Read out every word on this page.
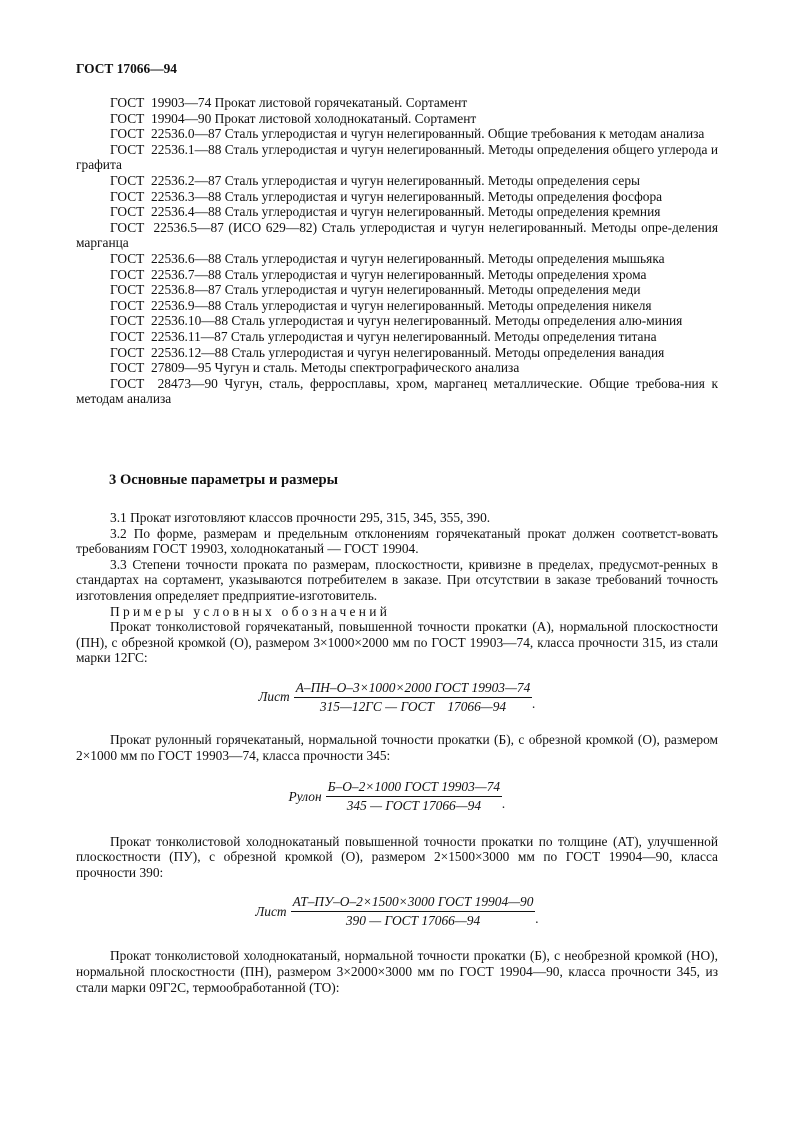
ГОСТ 17066—94
ГОСТ  19903—74 Прокат листовой горячекатаный. Сортамент
ГОСТ  19904—90 Прокат листовой холоднокатаный. Сортамент
ГОСТ  22536.0—87 Сталь углеродистая и чугун нелегированный. Общие требования к методам анализа
ГОСТ  22536.1—88 Сталь углеродистая и чугун нелегированный. Методы определения общего углерода и графита
ГОСТ  22536.2—87 Сталь углеродистая и чугун нелегированный. Методы определения серы
ГОСТ  22536.3—88 Сталь углеродистая и чугун нелегированный. Методы определения фосфора
ГОСТ  22536.4—88 Сталь углеродистая и чугун нелегированный. Методы определения кремния
ГОСТ  22536.5—87 (ИСО 629—82) Сталь углеродистая и чугун нелегированный. Методы опре-деления марганца
ГОСТ  22536.6—88 Сталь углеродистая и чугун нелегированный. Методы определения мышьяка
ГОСТ  22536.7—88 Сталь углеродистая и чугун нелегированный. Методы определения хрома
ГОСТ  22536.8—87 Сталь углеродистая и чугун нелегированный. Методы определения меди
ГОСТ  22536.9—88 Сталь углеродистая и чугун нелегированный. Методы определения никеля
ГОСТ  22536.10—88 Сталь углеродистая и чугун нелегированный. Методы определения алю-миния
ГОСТ  22536.11—87 Сталь углеродистая и чугун нелегированный. Методы определения титана
ГОСТ  22536.12—88 Сталь углеродистая и чугун нелегированный. Методы определения ванадия
ГОСТ  27809—95 Чугун и сталь. Методы спектрографического анализа
ГОСТ  28473—90 Чугун, сталь, ферросплавы, хром, марганец металлические. Общие требова-ния к методам анализа
3 Основные параметры и размеры
3.1 Прокат изготовляют классов прочности 295, 315, 345, 355, 390.
3.2 По форме, размерам и предельным отклонениям горячекатаный прокат должен соответст-вовать требованиям ГОСТ 19903, холоднокатаный — ГОСТ 19904.
3.3 Степени точности проката по размерам, плоскостности, кривизне в пределах, предусмот-ренных в стандартах на сортамент, указываются потребителем в заказе. При отсутствии в заказе требований точность изготовления определяет предприятие-изготовитель.
Примеры условных обозначений
Прокат тонколистовой горячекатаный, повышенной точности прокатки (А), нормальной плоскостности (ПН), с обрезной кромкой (О), размером 3×1000×2000 мм по ГОСТ 19903—74, класса прочности 315, из стали марки 12ГС:
Лист $\frac{\text{А–ПН–О–3×1000×2000 ГОСТ 19903—74}}{\text{315—12ГС — ГОСТ    17066—94}}$ .
Прокат рулонный горячекатаный, нормальной точности прокатки (Б), с обрезной кромкой (О), размером 2×1000 мм по ГОСТ 19903—74, класса прочности 345:
Рулон $\frac{\text{Б–О–2×1000 ГОСТ 19903—74}}{\text{345 — ГОСТ 17066—94}}$ .
Прокат тонколистовой холоднокатаный повышенной точности прокатки по толщине (АТ), улучшенной плоскостности (ПУ), с обрезной кромкой (О), размером 2×1500×3000 мм по ГОСТ 19904—90, класса прочности 390:
Лист $\frac{\text{АТ–ПУ–О–2×1500×3000 ГОСТ 19904—90}}{\text{390 — ГОСТ 17066—94}}$ .
Прокат тонколистовой холоднокатаный, нормальной точности прокатки (Б), с необрезной кромкой (НО), нормальной плоскостности (ПН), размером 3×2000×3000 мм по ГОСТ 19904—90, класса прочности 345, из стали марки 09Г2С, термообработанной (ТО):
